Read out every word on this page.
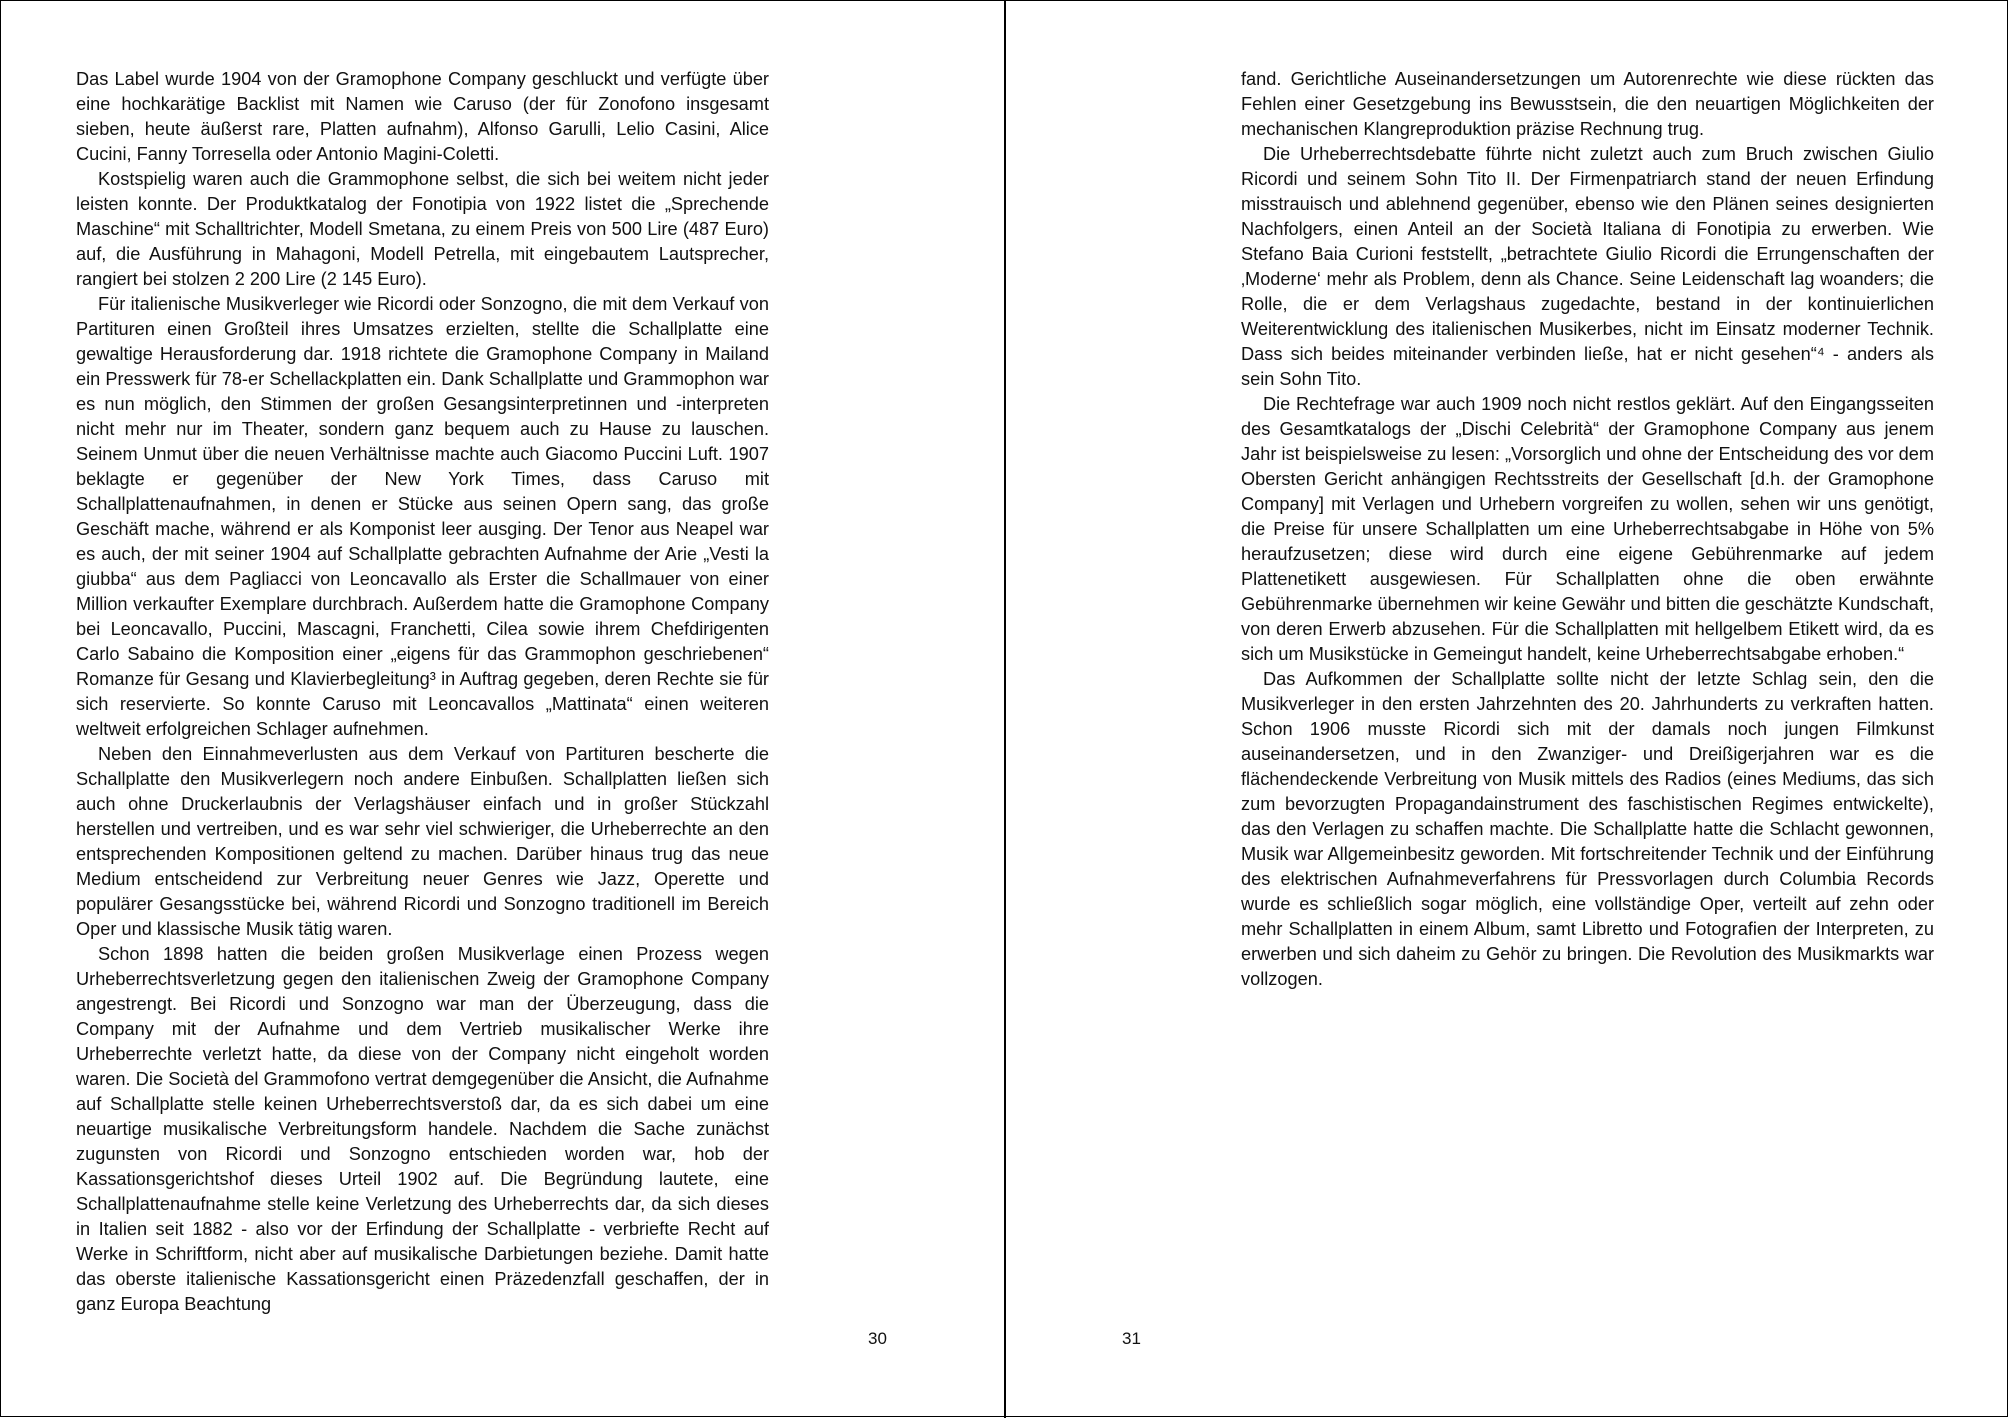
Das Label wurde 1904 von der Gramophone Company geschluckt und verfügte über eine hochkarätige Backlist mit Namen wie Caruso (der für Zonofono insgesamt sieben, heute äußerst rare, Platten aufnahm), Alfonso Garulli, Lelio Casini, Alice Cucini, Fanny Torresella oder Antonio Magini-Coletti.

Kostspielig waren auch die Grammophone selbst, die sich bei weitem nicht jeder leisten konnte. Der Produktkatalog der Fonotipia von 1922 listet die „Sprechende Maschine“ mit Schalltrichter, Modell Smetana, zu einem Preis von 500 Lire (487 Euro) auf, die Ausführung in Mahagoni, Modell Petrella, mit eingebautem Lautsprecher, rangiert bei stolzen 2 200 Lire (2 145 Euro).

Für italienische Musikverleger wie Ricordi oder Sonzogno, die mit dem Verkauf von Partituren einen Großteil ihres Umsatzes erzielten, stellte die Schallplatte eine gewaltige Herausforderung dar. 1918 richtete die Gramophone Company in Mailand ein Presswerk für 78-er Schellackplatten ein. Dank Schallplatte und Grammophon war es nun möglich, den Stimmen der großen Gesangsinterpretinnen und -interpreten nicht mehr nur im Theater, sondern ganz bequem auch zu Hause zu lauschen. Seinem Unmut über die neuen Verhältnisse machte auch Giacomo Puccini Luft. 1907 beklagte er gegenüber der New York Times, dass Caruso mit Schallplattenaufnahmen, in denen er Stücke aus seinen Opern sang, das große Geschäft mache, während er als Komponist leer ausging. Der Tenor aus Neapel war es auch, der mit seiner 1904 auf Schallplatte gebrachten Aufnahme der Arie „Vesti la giubba“ aus dem Pagliacci von Leoncavallo als Erster die Schallmauer von einer Million verkaufter Exemplare durchbrach. Außerdem hatte die Gramophone Company bei Leoncavallo, Puccini, Mascagni, Franchetti, Cilea sowie ihrem Chefdirigenten Carlo Sabaino die Komposition einer „eigens für das Grammophon geschriebenen“ Romanze für Gesang und Klavierbegleitung³ in Auftrag gegeben, deren Rechte sie für sich reservierte. So konnte Caruso mit Leoncavallos „Mattinata“ einen weiteren weltweit erfolgreichen Schlager aufnehmen.

Neben den Einnahmeverlusten aus dem Verkauf von Partituren bescherte die Schallplatte den Musikverlegern noch andere Einbußen. Schallplatten ließen sich auch ohne Druckerlaubnis der Verlagshäuser einfach und in großer Stückzahl herstellen und vertreiben, und es war sehr viel schwieriger, die Urheberrechte an den entsprechenden Kompositionen geltend zu machen. Darüber hinaus trug das neue Medium entscheidend zur Verbreitung neuer Genres wie Jazz, Operette und populärer Gesangsstücke bei, während Ricordi und Sonzogno traditionell im Bereich Oper und klassische Musik tätig waren.

Schon 1898 hatten die beiden großen Musikverlage einen Prozess wegen Urheberrechtsverletzung gegen den italienischen Zweig der Gramophone Company angestrengt. Bei Ricordi und Sonzogno war man der Überzeugung, dass die Company mit der Aufnahme und dem Vertrieb musikalischer Werke ihre Urheberrechte verletzt hatte, da diese von der Company nicht eingeholt worden waren. Die Società del Grammofono vertrat demgegenüber die Ansicht, die Aufnahme auf Schallplatte stelle keinen Urheberrechtsverstoß dar, da es sich dabei um eine neuartige musikalische Verbreitungsform handele. Nachdem die Sache zunächst zugunsten von Ricordi und Sonzogno entschieden worden war, hob der Kassationsgerichtshof dieses Urteil 1902 auf. Die Begründung lautete, eine Schallplattenaufnahme stelle keine Verletzung des Urheberrechts dar, da sich dieses in Italien seit 1882 - also vor der Erfindung der Schallplatte - verbriefte Recht auf Werke in Schriftform, nicht aber auf musikalische Darbietungen beziehe. Damit hatte das oberste italienische Kassationsgericht einen Präzedenzfall geschaffen, der in ganz Europa Beachtung

30

fand. Gerichtliche Auseinandersetzungen um Autorenrechte wie diese rückten das Fehlen einer Gesetzgebung ins Bewusstsein, die den neuartigen Möglichkeiten der mechanischen Klangreproduktion präzise Rechnung trug.

Die Urheberrechtsdebatte führte nicht zuletzt auch zum Bruch zwischen Giulio Ricordi und seinem Sohn Tito II. Der Firmenpatriarch stand der neuen Erfindung misstrauisch und ablehnend gegenüber, ebenso wie den Plänen seines designierten Nachfolgers, einen Anteil an der Società Italiana di Fonotipia zu erwerben. Wie Stefano Baia Curioni feststellt, „betrachtete Giulio Ricordi die Errungenschaften der ‚Moderne‘ mehr als Problem, denn als Chance. Seine Leidenschaft lag woanders; die Rolle, die er dem Verlagshaus zugedachte, bestand in der kontinuierlichen Weiterentwicklung des italienischen Musikerbes, nicht im Einsatz moderner Technik. Dass sich beides miteinander verbinden ließe, hat er nicht gesehen“⁴ - anders als sein Sohn Tito.

Die Rechtefrage war auch 1909 noch nicht restlos geklärt. Auf den Eingangsseiten des Gesamtkatalogs der „Dischi Celebrità“ der Gramophone Company aus jenem Jahr ist beispielsweise zu lesen: „Vorsorglich und ohne der Entscheidung des vor dem Obersten Gericht anhängigen Rechtsstreits der Gesellschaft [d.h. der Gramophone Company] mit Verlagen und Urhebern vorgreifen zu wollen, sehen wir uns genötigt, die Preise für unsere Schallplatten um eine Urheberrechtsabgabe in Höhe von 5% heraufzusetzen; diese wird durch eine eigene Gebührenmarke auf jedem Plattenetikett ausgewiesen. Für Schallplatten ohne die oben erwähnte Gebührenmarke übernehmen wir keine Gewähr und bitten die geschätzte Kundschaft, von deren Erwerb abzusehen. Für die Schallplatten mit hellgelbem Etikett wird, da es sich um Musikstücke in Gemeingut handelt, keine Urheberrechtsabgabe erhoben.“

Das Aufkommen der Schallplatte sollte nicht der letzte Schlag sein, den die Musikverleger in den ersten Jahrzehnten des 20. Jahrhunderts zu verkraften hatten. Schon 1906 musste Ricordi sich mit der damals noch jungen Filmkunst auseinandersetzen, und in den Zwanziger- und Dreißigerjahren war es die flächendeckende Verbreitung von Musik mittels des Radios (eines Mediums, das sich zum bevorzugten Propagandainstrument des faschistischen Regimes entwickelte), das den Verlagen zu schaffen machte. Die Schallplatte hatte die Schlacht gewonnen, Musik war Allgemeinbesitz geworden. Mit fortschreitender Technik und der Einführung des elektrischen Aufnahmeverfahrens für Pressvorlagen durch Columbia Records wurde es schließlich sogar möglich, eine vollständige Oper, verteilt auf zehn oder mehr Schallplatten in einem Album, samt Libretto und Fotografien der Interpreten, zu erwerben und sich daheim zu Gehör zu bringen. Die Revolution des Musikmarkts war vollzogen.

31
